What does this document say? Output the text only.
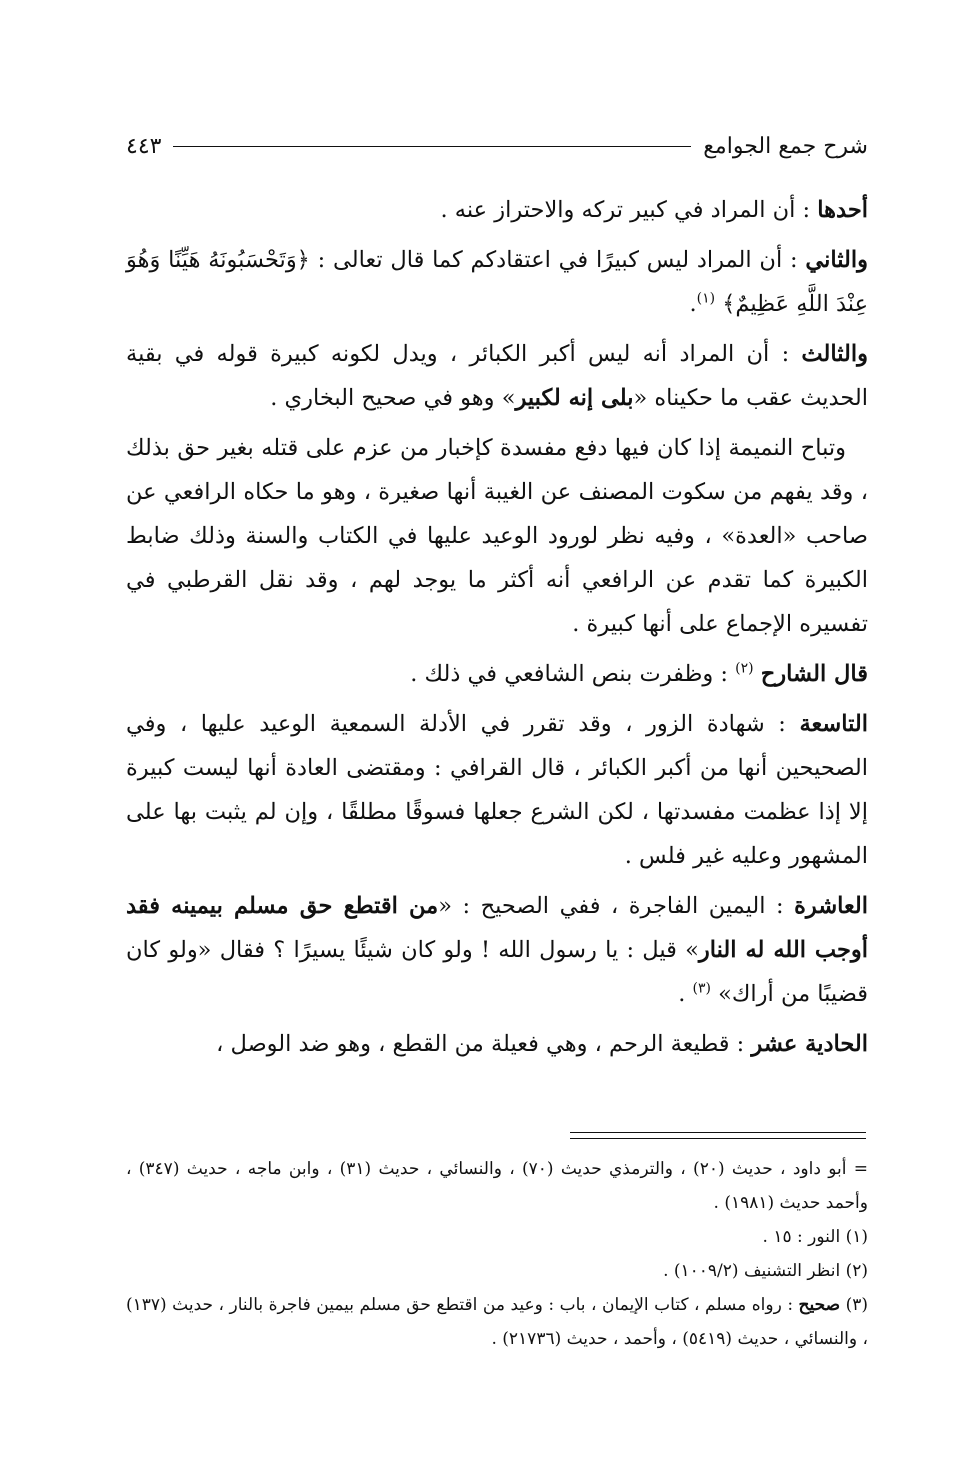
شرح جمع الجوامع
٤٤٣

أحدها : أن المراد في كبير تركه والاحتراز عنه .

والثاني : أن المراد ليس كبيرًا في اعتقادكم كما قال تعالى : ﴿وَتَحْسَبُونَهُ هَيِّنًا وَهُوَ عِنْدَ اللَّهِ عَظِيمٌ﴾ $^{(١)}$.

والثالث : أن المراد أنه ليس أكبر الكبائر ، ويدل لكونه كبيرة قوله في بقية الحديث عقب ما حكيناه «بلى إنه لكبير» وهو في صحيح البخاري .

وتباح النميمة إذا كان فيها دفع مفسدة كإخبار من عزم على قتله بغير حق بذلك ، وقد يفهم من سكوت المصنف عن الغيبة أنها صغيرة ، وهو ما حكاه الرافعي عن صاحب «العدة» ، وفيه نظر لورود الوعيد عليها في الكتاب والسنة وذلك ضابط الكبيرة كما تقدم عن الرافعي أنه أكثر ما يوجد لهم ، وقد نقل القرطبي في تفسيره الإجماع على أنها كبيرة .

قال الشارح $^{(٢)}$ : وظفرت بنص الشافعي في ذلك .

التاسعة : شهادة الزور ، وقد تقرر في الأدلة السمعية الوعيد عليها ، وفي الصحيحين أنها من أكبر الكبائر ، قال القرافي : ومقتضى العادة أنها ليست كبيرة إلا إذا عظمت مفسدتها ، لكن الشرع جعلها فسوقًا مطلقًا ، وإن لم يثبت بها على المشهور وعليه غير فلس .

العاشرة : اليمين الفاجرة ، ففي الصحيح : «من اقتطع حق مسلم بيمينه فقد أوجب الله له النار» قيل : يا رسول الله ! ولو كان شيئًا يسيرًا ؟ فقال «ولو كان قضيبًا من أراك» $^{(٣)}$ .

الحادية عشر : قطيعة الرحم ، وهي فعيلة من القطع ، وهو ضد الوصل ،

= أبو داود ، حديث (٢٠) ، والترمذي حديث (٧٠) ، والنسائي ، حديث (٣١) ، وابن ماجه ، حديث (٣٤٧) ، وأحمد حديث (١٩٨١) .

(١) النور : ١٥ .

(٢) انظر التشنيف (١٠٠٩/٢) .

(٣) صحيح : رواه مسلم ، كتاب الإيمان ، باب : وعيد من اقتطع حق مسلم بيمين فاجرة بالنار ، حديث (١٣٧) ، والنسائي ، حديث (٥٤١٩) ، وأحمد ، حديث (٢١٧٣٦) .
